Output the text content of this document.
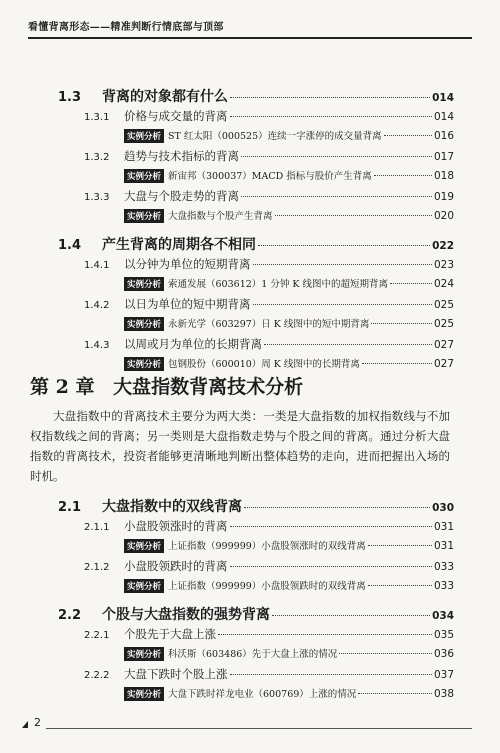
看懂背离形态——精准判断行情底部与顶部
1.3 背离的对象都有什么	014
1.3.1 价格与成交量的背离	014
实例分析 ST 红太阳（000525）连续一字涨停的成交量背离	016
1.3.2 趋势与技术指标的背离	017
实例分析 新宙邦（300037）MACD 指标与股价产生背离	018
1.3.3 大盘与个股走势的背离	019
实例分析 大盘指数与个股产生背离	020
1.4 产生背离的周期各不相同	022
1.4.1 以分钟为单位的短期背离	023
实例分析 索通发展（603612）1 分钟 K 线图中的超短期背离	024
1.4.2 以日为单位的短中期背离	025
实例分析 永新光学（603297）日 K 线图中的短中期背离	025
1.4.3 以周或月为单位的长期背离	027
实例分析 包钢股份（600010）周 K 线图中的长期背离	027
第 2 章 大盘指数背离技术分析

大盘指数中的背离技术主要分为两大类：一类是大盘指数的加权指数线与不加权指数线之间的背离；另一类则是大盘指数走势与个股之间的背离。通过分析大盘指数的背离技术，投资者能够更清晰地判断出整体趋势的走向，进而把握出入场的时机。

2.1 大盘指数中的双线背离	030
2.1.1 小盘股领涨时的背离	031
实例分析 上证指数（999999）小盘股领涨时的双线背离	031
2.1.2 小盘股领跌时的背离	033
实例分析 上证指数（999999）小盘股领跌时的双线背离	033
2.2 个股与大盘指数的强势背离	034
2.2.1 个股先于大盘上涨	035
实例分析 科沃斯（603486）先于大盘上涨的情况	036
2.2.2 大盘下跌时个股上涨	037
实例分析 大盘下跌时祥龙电业（600769）上涨的情况	038
2
